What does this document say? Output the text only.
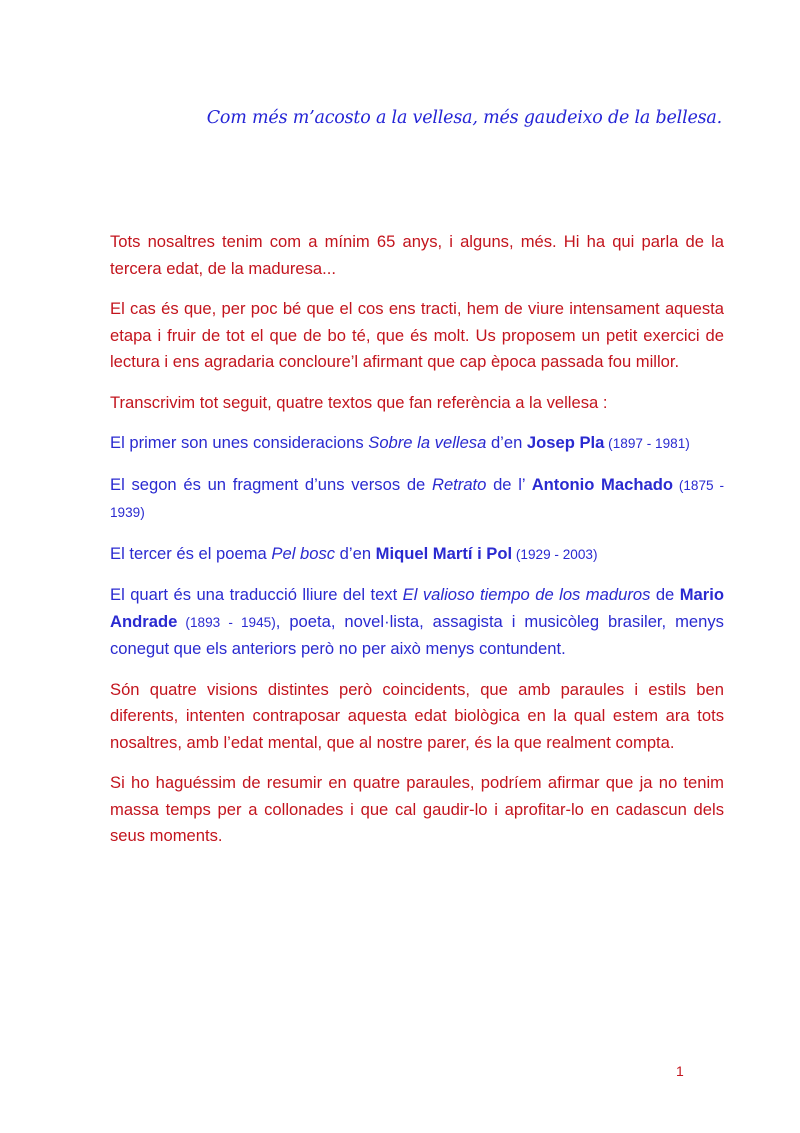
Com més m’acosto a la vellesa, més gaudeixo de la bellesa.

Tots nosaltres tenim com a mínim 65 anys, i alguns, més. Hi ha qui parla de la tercera edat, de la maduresa...

El cas és que, per poc bé que el cos ens tracti, hem de viure intensament aquesta etapa i fruir de tot el que de bo té, que és molt. Us proposem un petit exercici de lectura i ens agradaria concloure’l afirmant que cap època passada fou millor.

Transcrivim tot seguit, quatre textos que fan referència a la vellesa :

El primer son unes consideracions Sobre la vellesa d’en Josep Pla (1897 - 1981)

El segon és un fragment d’uns versos de Retrato de l’ Antonio Machado (1875 - 1939)

El tercer és el poema Pel bosc d’en Miquel Martí i Pol (1929 - 2003)

El quart és una traducció lliure del text El valioso tiempo de los maduros de Mario Andrade (1893 - 1945), poeta, novel·lista, assagista i musicòleg brasiler, menys conegut que els anteriors però no per això menys contundent.

Són quatre visions distintes però coincidents, que amb paraules i estils ben diferents, intenten contraposar aquesta edat biològica en la qual estem ara tots nosaltres, amb l’edat mental, que al nostre parer, és la que realment compta.

Si ho haguéssim de resumir en quatre paraules, podríem afirmar que ja no tenim massa temps per a collonades i que cal gaudir-lo i aprofitar-lo en cadascun dels seus moments.

1
